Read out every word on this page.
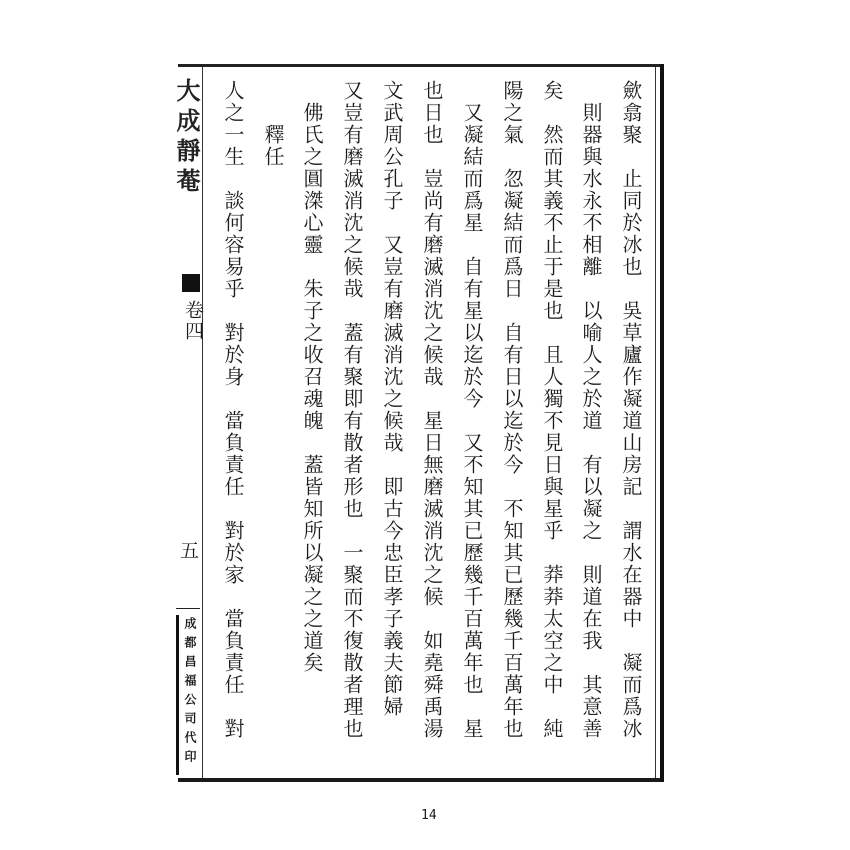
大成靜菴
卷四
五
成都昌福公司代印	歛翕聚　止同於冰也　吳草廬作凝道山房記　謂水在器中　凝而爲冰
則器與水永不相離　以喻人之於道　有以凝之　則道在我　其意善
矣　然而其義不止于是也　且人獨不見日與星乎　莽莽太空之中　純
陽之氣　忽凝結而爲日　自有日以迄於今　不知其已歷幾千百萬年也
又凝結而爲星　自有星以迄於今　又不知其已歷幾千百萬年也　星
也日也　豈尚有磨滅消沈之候哉　星日無磨滅消沈之候　如堯舜禹湯
文武周公孔子　又豈有磨滅消沈之候哉　即古今忠臣孝子義夫節婦
又豈有磨滅消沈之候哉　蓋有聚即有散者形也　一聚而不復散者理也
佛氏之圓滐心靈　朱子之收召魂魄　蓋皆知所以凝之之道矣
釋任
人之一生　談何容易乎　對於身　當負責任　對於家　當負責任　對
14
